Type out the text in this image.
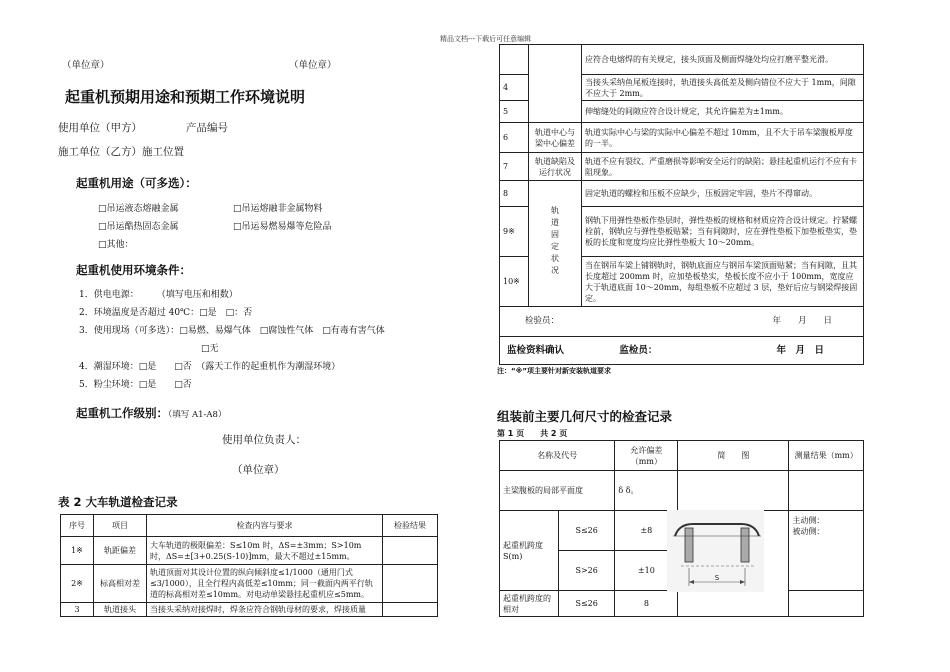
精品文档---下载后可任意编辑
（单位章）	（单位章）
起重机预期用途和预期工作环境说明
使用单位（甲方）	产品编号
施工单位（乙方）施工位置
起重机用途（可多选）：
□吊运液态熔融金属	□吊运熔融非金属物料
□吊运酷热固态金属	□吊运易燃易爆等危险品
□其他：
起重机使用环境条件：
1．供电电源：　　　（填写电压和相数）
2．环境温度是否超过 40℃：□是　□：否
3．使用现场（可多选）：□易燃、易爆气体　□腐蚀性气体　□有毒有害气体
□无
4．潮湿环境：□是　　□否　（露天工作的起重机作为潮湿环境）
5．粉尘环境：□是　　□否
起重机工作级别：（填写 A1-A8）
使用单位负责人：
（单位章）
表 2 大车轨道检查记录
序号	项目	检查内容与要求	检验结果
1※	轨距偏差	大车轨道的极限偏差：S≤10m 时，ΔS=±3mm；S>10m 时，ΔS=±[3+0.25(S-10)]mm，最大不超过±15mm。	
2※	标高相对差	轨道顶面对其设计位置的纵向倾斜度≤1/1000（通用门式≤3/1000），且全行程内高低差≤10mm；同一截面内两平行轨道的标高相对差≤10mm。对电动单梁悬挂起重机应≤5mm。	
3	轨道接头	当接头采纳对接焊时，焊条应符合钢轨母材的要求，焊接质量	
		应符合电熔焊的有关规定，接头顶面及侧面焊缝处均应打磨平整光滑。
4		当接头采纳鱼尾板连接时，轨道接头高低差及侧向错位不应大于 1mm，间隙不应大于 2mm。
5		伸缩缝处的间隙应符合设计规定，其允许偏差为±1mm。
6	轨道中心与梁中心偏差	轨道实际中心与梁的实际中心偏差不超过 10mm，且不大于吊车梁腹板厚度的一半。
7	轨道缺陷及运行状况	轨道不应有裂纹、严重磨损等影响安全运行的缺陷；悬挂起重机运行不应有卡阻现象。
8	轨道固定状况	固定轨道的螺栓和压板不应缺少，压板固定牢固，垫片不得窜动。
9※		钢轨下用弹性垫板作垫层时，弹性垫板的规格和材质应符合设计规定。拧紧螺栓前，钢轨应与弹性垫板贴紧；当有间隙时，应在弹性垫板下加垫板垫实，垫板的长度和宽度均应比弹性垫板大 10～20mm。
10※		当在钢吊车梁上铺钢轨时，钢轨底面应与钢吊车梁顶面贴紧；当有间隙，且其长度超过 200mm 时，应加垫板垫实，垫板长度不应小于 100mm，宽度应大于轨道底面 10～20mm，每组垫板不应超过 3 层，垫好后应与钢梁焊接固定。
检验员： 年　　月　　日		

监检资料确认 监检员： 年　月　日		
注：“※”项主要针对新安装轨道要求
组装前主要几何尺寸的检查记录
第 1 页　　共 2 页
名称及代号		允许偏差（mm）	简　　图	测量结果（mm）
主梁腹板的局部平面度		δ δ。		
起重机跨度 S(m)	S≤26	±8		主动侧：
被动侧：

	S>26	±10		
起重机跨度的相对	S≤26	8		
S
